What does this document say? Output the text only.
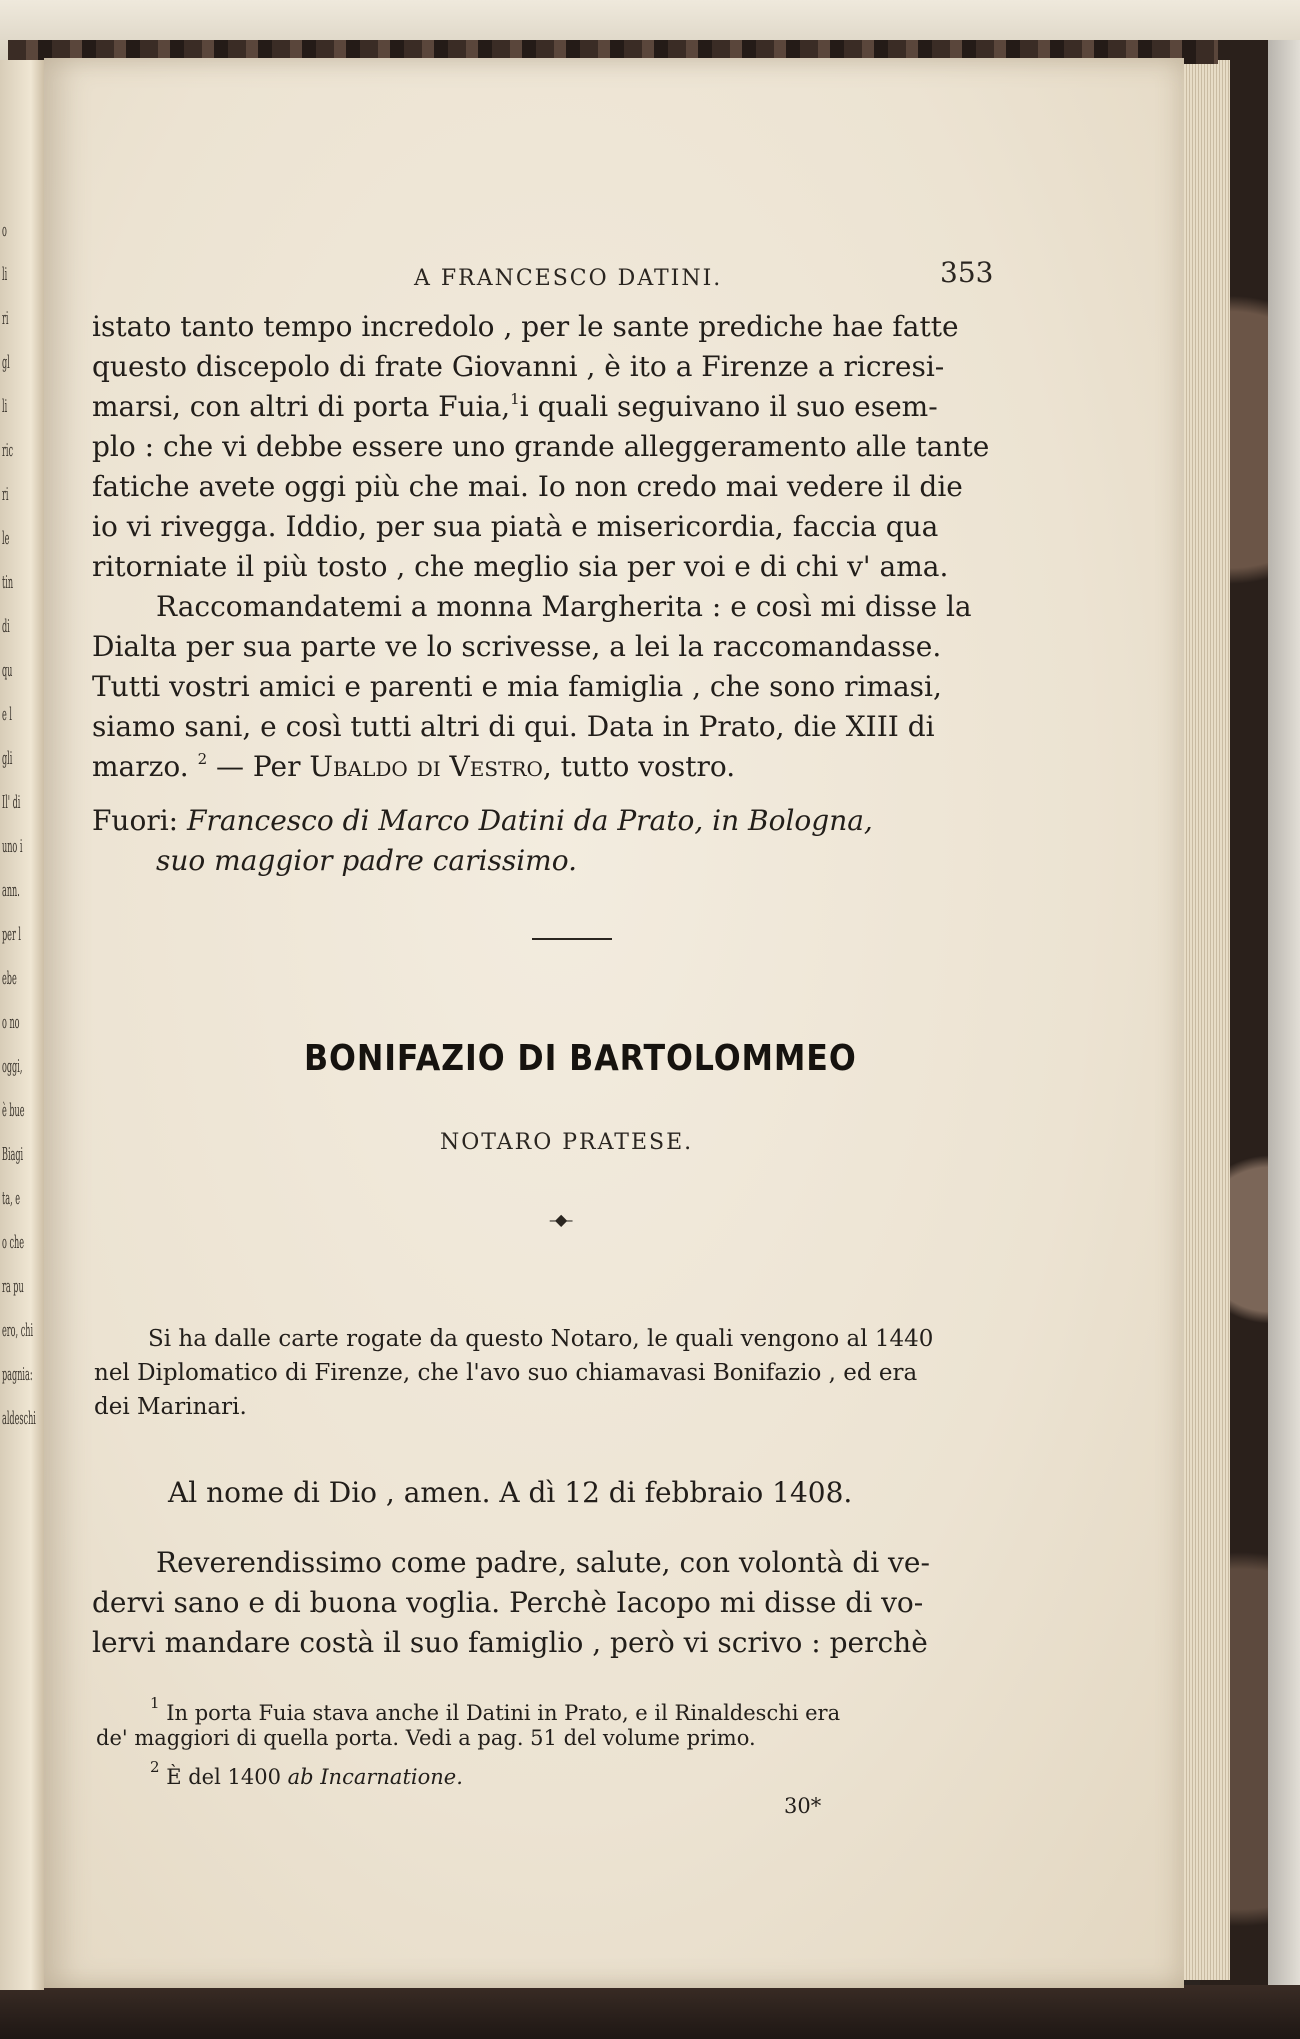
o
li
ri
gl
li
ric
ri
le
tin
di
qu
e l
gli
Il' di
uno i
ann.
per l
ebe
o no
oggi,
è bue
Biagi
ta, e
o che
ra pu
ero, chi
pagnia:
aldeschi
A FRANCESCO DATINI.	353
istato tanto tempo incredolo , per le sante prediche hae fatte
questo discepolo di frate Giovanni , è ito a Firenze a ricresi-
marsi, con altri di porta Fuia,$^1$i quali seguivano il suo esem-
plo : che vi debbe essere uno grande alleggeramento alle tante
fatiche avete oggi più che mai. Io non credo mai vedere il die
io vi rivegga. Iddio, per sua piatà e misericordia, faccia qua
ritorniate il più tosto , che meglio sia per voi e di chi v' ama.
Raccomandatemi a monna Margherita : e così mi disse la
Dialta per sua parte ve lo scrivesse, a lei la raccomandasse.
Tutti vostri amici e parenti e mia famiglia , che sono rimasi,
siamo sani, e così tutti altri di qui. Data in Prato, die XIII di
marzo. $^2$ — Per Ubaldo di Vestro, tutto vostro.
Fuori: Francesco di Marco Datini da Prato, in Bologna,
suo maggior padre carissimo.
BONIFAZIO DI BARTOLOMMEO
NOTARO PRATESE.
–◆–
Si ha dalle carte rogate da questo Notaro, le quali vengono al 1440
nel Diplomatico di Firenze, che l'avo suo chiamavasi Bonifazio , ed era
dei Marinari.
Al nome di Dio , amen. A dì 12 di febbraio 1408.
Reverendissimo come padre, salute, con volontà di ve-
dervi sano e di buona voglia. Perchè Iacopo mi disse di vo-
lervi mandare costà il suo famiglio , però vi scrivo : perchè
$^1$ In porta Fuia stava anche il Datini in Prato, e il Rinaldeschi era
de' maggiori di quella porta. Vedi a pag. 51 del volume primo.
$^2$ È del 1400 ab Incarnatione.
30*
